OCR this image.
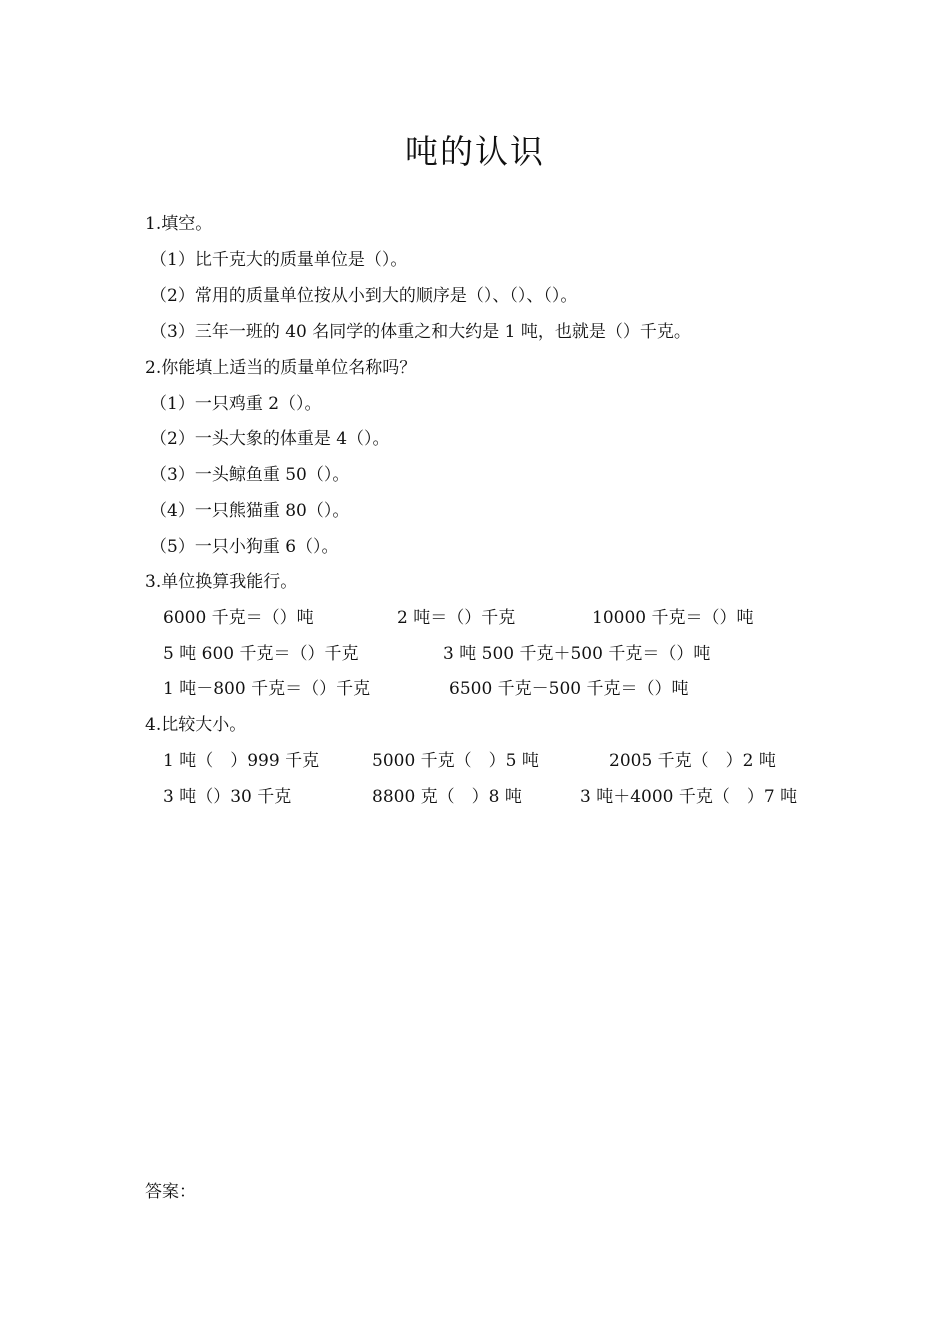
吨的认识
1.填空。
（1）比千克大的质量单位是（）。
（2）常用的质量单位按从小到大的顺序是（）、（）、（）。
（3）三年一班的 40 名同学的体重之和大约是 1 吨，也就是（）千克。
2.你能填上适当的质量单位名称吗？
（1）一只鸡重 2（）。
（2）一头大象的体重是 4（）。
（3）一头鲸鱼重 50（）。
（4）一只熊猫重 80（）。
（5）一只小狗重 6（）。
3.单位换算我能行。
6000 千克＝（）吨	2 吨＝（）千克	10000 千克＝（）吨
5 吨 600 千克＝（）千克	3 吨 500 千克＋500 千克＝（）吨
1 吨－800 千克＝（）千克	6500 千克－500 千克＝（）吨
4.比较大小。
1 吨（　）999 千克	5000 千克（　）5 吨	2005 千克（　）2 吨
3 吨（）30 千克	8800 克（　）8 吨	3 吨＋4000 千克（　）7 吨
答案：
